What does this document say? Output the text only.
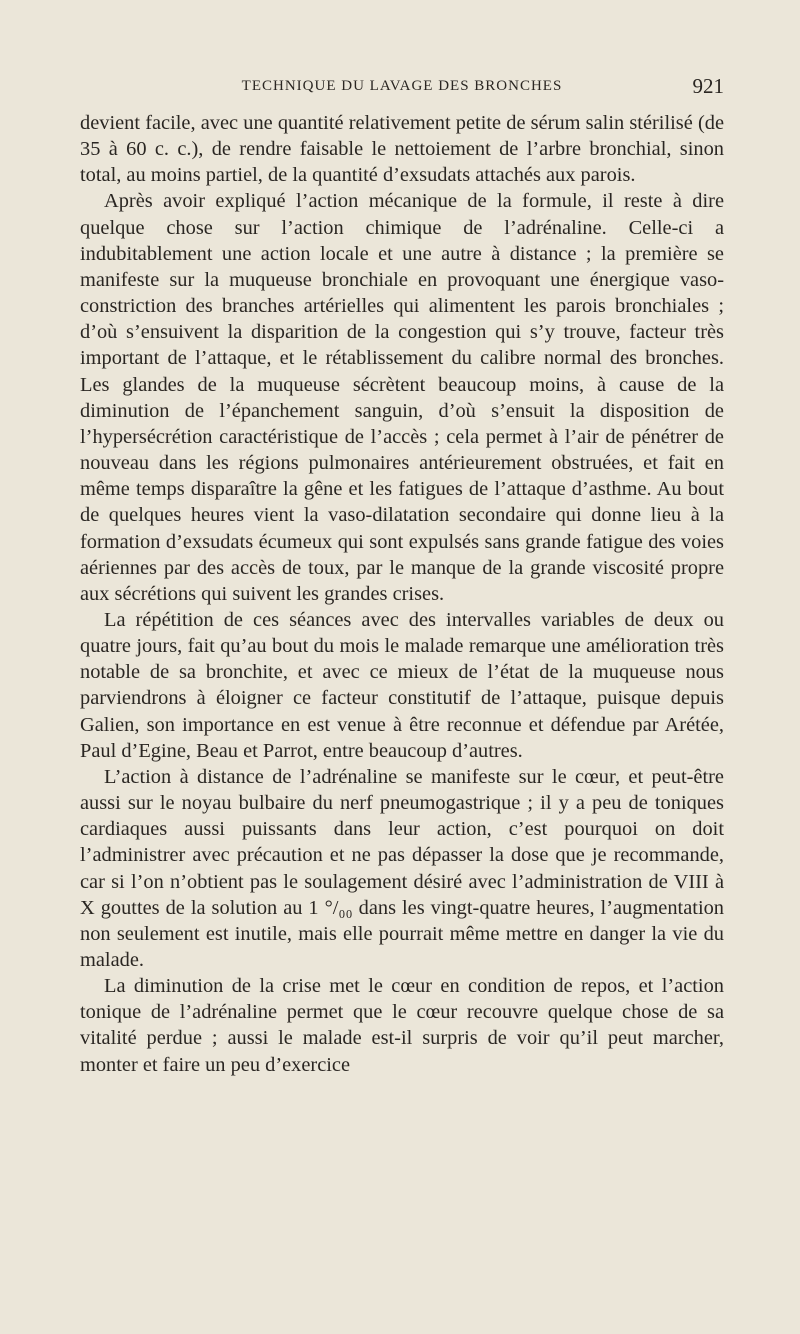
TECHNIQUE DU LAVAGE DES BRONCHES	921

devient facile, avec une quantité relativement petite de sérum salin stérilisé (de 35 à 60 c. c.), de rendre faisable le nettoiement de l’arbre bronchial, sinon total, au moins partiel, de la quantité d’exsudats attachés aux parois.

Après avoir expliqué l’action mécanique de la formule, il reste à dire quelque chose sur l’action chimique de l’adrénaline. Celle-ci a indubitablement une action locale et une autre à distance ; la première se manifeste sur la muqueuse bronchiale en provoquant une énergique vaso-constriction des branches artérielles qui alimentent les parois bronchiales ; d’où s’ensuivent la disparition de la congestion qui s’y trouve, facteur très important de l’attaque, et le rétablissement du calibre normal des bronches. Les glandes de la muqueuse sécrètent beaucoup moins, à cause de la diminution de l’épanchement sanguin, d’où s’ensuit la disposition de l’hypersécrétion caractéristique de l’accès ; cela permet à l’air de pénétrer de nouveau dans les régions pulmonaires antérieurement obstruées, et fait en même temps disparaître la gêne et les fatigues de l’attaque d’asthme. Au bout de quelques heures vient la vaso-dilatation secondaire qui donne lieu à la formation d’exsudats écumeux qui sont expulsés sans grande fatigue des voies aériennes par des accès de toux, par le manque de la grande viscosité propre aux sécrétions qui suivent les grandes crises.

La répétition de ces séances avec des intervalles variables de deux ou quatre jours, fait qu’au bout du mois le malade remarque une amélioration très notable de sa bronchite, et avec ce mieux de l’état de la muqueuse nous parviendrons à éloigner ce facteur constitutif de l’attaque, puisque depuis Galien, son importance en est venue à être reconnue et défendue par Arétée, Paul d’Egine, Beau et Parrot, entre beaucoup d’autres.

L’action à distance de l’adrénaline se manifeste sur le cœur, et peut-être aussi sur le noyau bulbaire du nerf pneumogastrique ; il y a peu de toniques cardiaques aussi puissants dans leur action, c’est pourquoi on doit l’administrer avec précaution et ne pas dépasser la dose que je recommande, car si l’on n’obtient pas le soulagement désiré avec l’administration de VIII à X gouttes de la solution au 1 °/₀₀ dans les vingt-quatre heures, l’augmentation non seulement est inutile, mais elle pourrait même mettre en danger la vie du malade.

La diminution de la crise met le cœur en condition de repos, et l’action tonique de l’adrénaline permet que le cœur recouvre quelque chose de sa vitalité perdue ; aussi le malade est-il surpris de voir qu’il peut marcher, monter et faire un peu d’exercice
